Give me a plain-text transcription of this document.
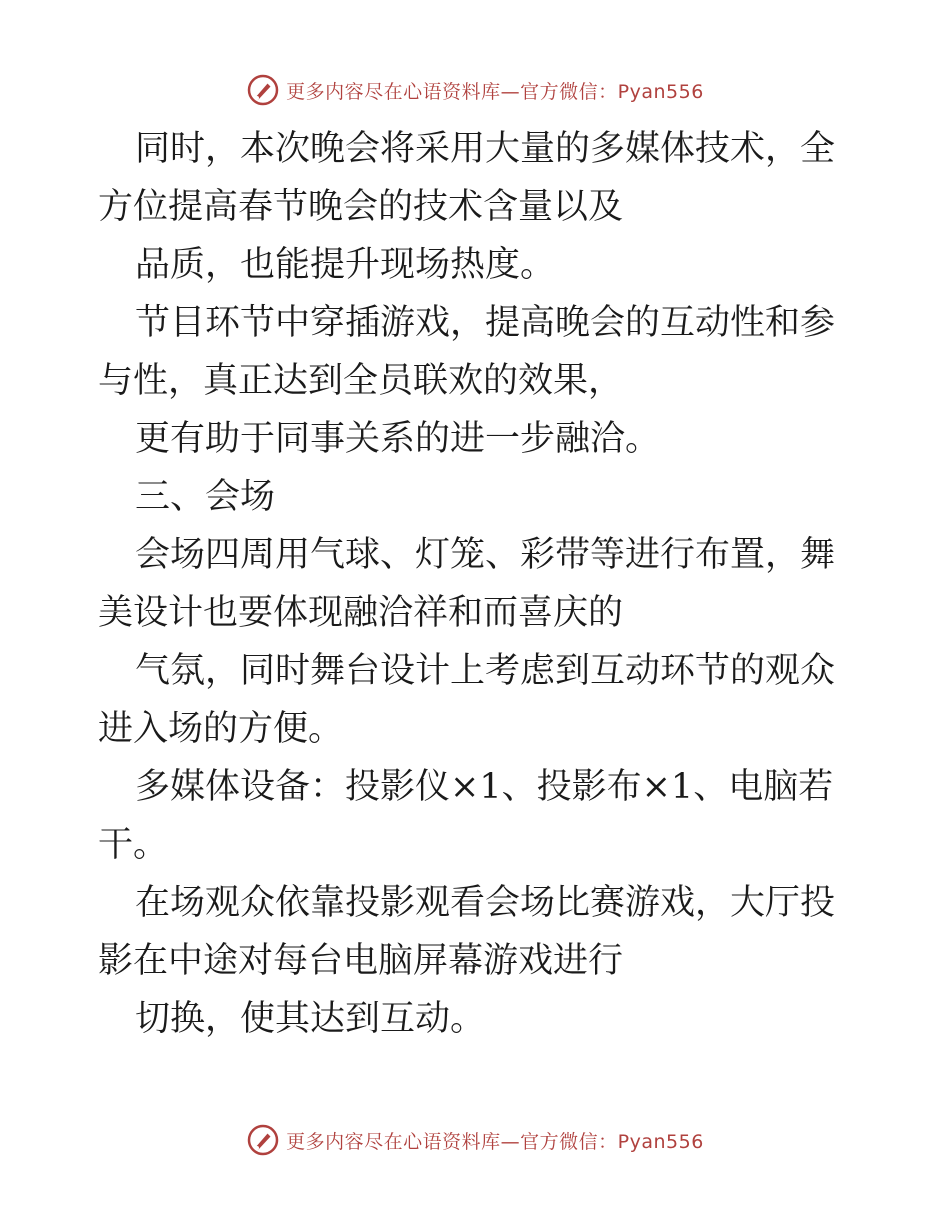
更多内容尽在心语资料库—官方微信：Pyan556

同时，本次晚会将采用大量的多媒体技术，全方位提高春节晚会的技术含量以及

品质，也能提升现场热度。

节目环节中穿插游戏，提高晚会的互动性和参与性，真正达到全员联欢的效果，

更有助于同事关系的进一步融洽。

三、会场

会场四周用气球、灯笼、彩带等进行布置，舞美设计也要体现融洽祥和而喜庆的

气氛，同时舞台设计上考虑到互动环节的观众进入场的方便。

多媒体设备：投影仪×1、投影布×1、电脑若干。

在场观众依靠投影观看会场比赛游戏，大厅投影在中途对每台电脑屏幕游戏进行

切换，使其达到互动。

更多内容尽在心语资料库—官方微信：Pyan556
